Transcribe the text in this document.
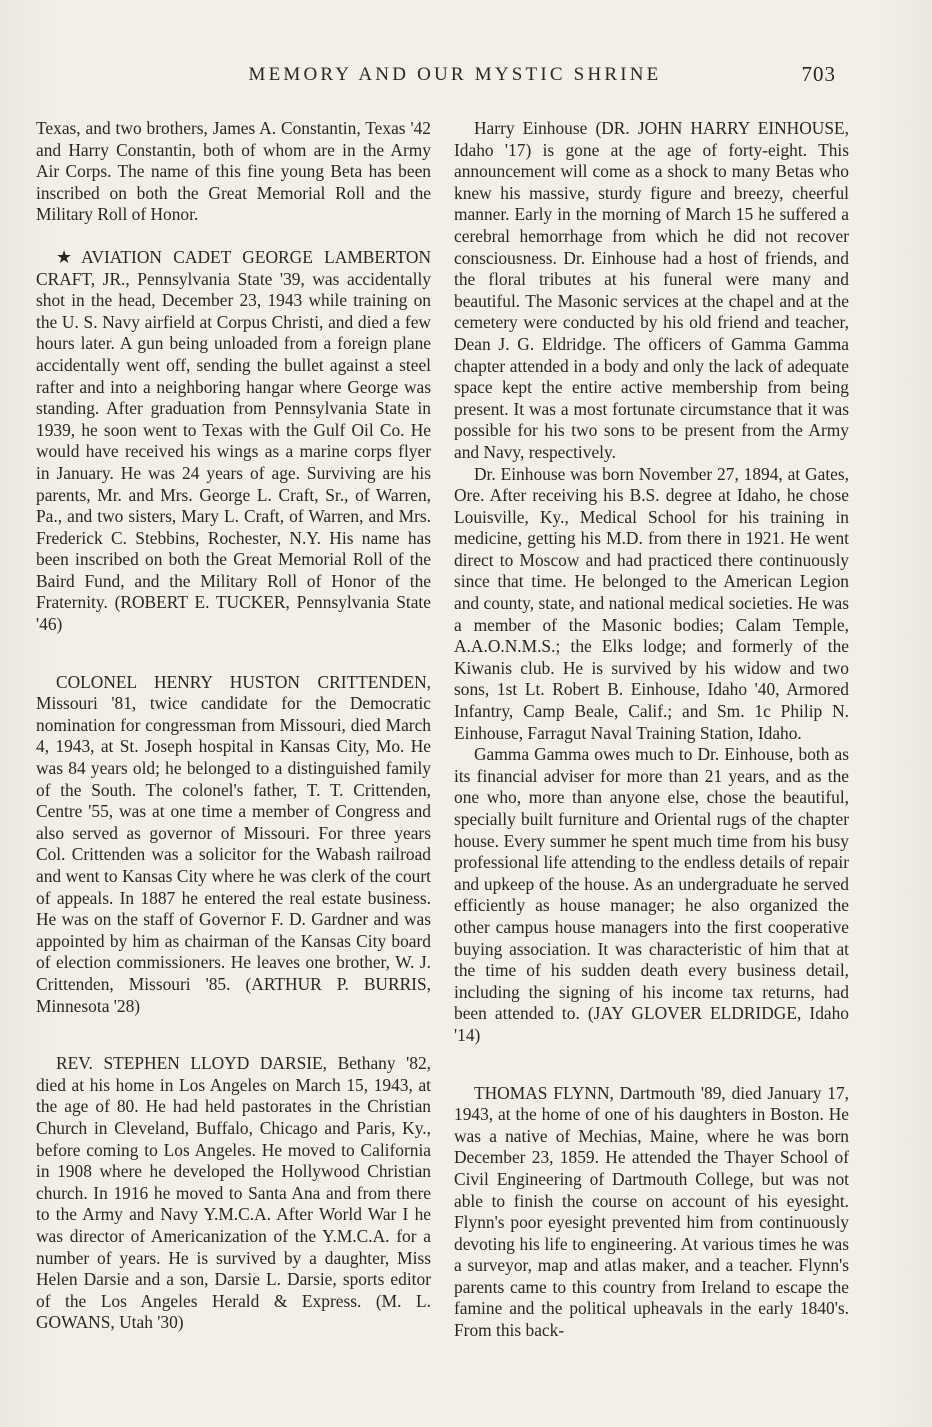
MEMORY AND OUR MYSTIC SHRINE	703

Texas, and two brothers, James A. Constantin, Texas '42 and Harry Constantin, both of whom are in the Army Air Corps. The name of this fine young Beta has been inscribed on both the Great Memorial Roll and the Military Roll of Honor.

★ AVIATION CADET GEORGE LAMBERTON CRAFT, JR., Pennsylvania State '39, was accidentally shot in the head, December 23, 1943 while training on the U. S. Navy airfield at Corpus Christi, and died a few hours later. A gun being unloaded from a foreign plane accidentally went off, sending the bullet against a steel rafter and into a neighboring hangar where George was standing. After graduation from Pennsylvania State in 1939, he soon went to Texas with the Gulf Oil Co. He would have received his wings as a marine corps flyer in January. He was 24 years of age. Surviving are his parents, Mr. and Mrs. George L. Craft, Sr., of Warren, Pa., and two sisters, Mary L. Craft, of Warren, and Mrs. Frederick C. Stebbins, Rochester, N.Y. His name has been inscribed on both the Great Memorial Roll of the Baird Fund, and the Military Roll of Honor of the Fraternity. (ROBERT E. TUCKER, Pennsylvania State '46)

COLONEL HENRY HUSTON CRITTENDEN, Missouri '81, twice candidate for the Democratic nomination for congressman from Missouri, died March 4, 1943, at St. Joseph hospital in Kansas City, Mo. He was 84 years old; he belonged to a distinguished family of the South. The colonel's father, T. T. Crittenden, Centre '55, was at one time a member of Congress and also served as governor of Missouri. For three years Col. Crittenden was a solicitor for the Wabash railroad and went to Kansas City where he was clerk of the court of appeals. In 1887 he entered the real estate business. He was on the staff of Governor F. D. Gardner and was appointed by him as chairman of the Kansas City board of election commissioners. He leaves one brother, W. J. Crittenden, Missouri '85. (ARTHUR P. BURRIS, Minnesota '28)

REV. STEPHEN LLOYD DARSIE, Bethany '82, died at his home in Los Angeles on March 15, 1943, at the age of 80. He had held pastorates in the Christian Church in Cleveland, Buffalo, Chicago and Paris, Ky., before coming to Los Angeles. He moved to California in 1908 where he developed the Hollywood Christian church. In 1916 he moved to Santa Ana and from there to the Army and Navy Y.M.C.A. After World War I he was director of Americanization of the Y.M.C.A. for a number of years. He is survived by a daughter, Miss Helen Darsie and a son, Darsie L. Darsie, sports editor of the Los Angeles Herald & Express. (M. L. GOWANS, Utah '30)

Harry Einhouse (DR. JOHN HARRY EINHOUSE, Idaho '17) is gone at the age of forty-eight. This announcement will come as a shock to many Betas who knew his massive, sturdy figure and breezy, cheerful manner. Early in the morning of March 15 he suffered a cerebral hemorrhage from which he did not recover consciousness. Dr. Einhouse had a host of friends, and the floral tributes at his funeral were many and beautiful. The Masonic services at the chapel and at the cemetery were conducted by his old friend and teacher, Dean J. G. Eldridge. The officers of Gamma Gamma chapter attended in a body and only the lack of adequate space kept the entire active membership from being present. It was a most fortunate circumstance that it was possible for his two sons to be present from the Army and Navy, respectively.

Dr. Einhouse was born November 27, 1894, at Gates, Ore. After receiving his B.S. degree at Idaho, he chose Louisville, Ky., Medical School for his training in medicine, getting his M.D. from there in 1921. He went direct to Moscow and had practiced there continuously since that time. He belonged to the American Legion and county, state, and national medical societies. He was a member of the Masonic bodies; Calam Temple, A.A.O.N.M.S.; the Elks lodge; and formerly of the Kiwanis club. He is survived by his widow and two sons, 1st Lt. Robert B. Einhouse, Idaho '40, Armored Infantry, Camp Beale, Calif.; and Sm. 1c Philip N. Einhouse, Farragut Naval Training Station, Idaho.

Gamma Gamma owes much to Dr. Einhouse, both as its financial adviser for more than 21 years, and as the one who, more than anyone else, chose the beautiful, specially built furniture and Oriental rugs of the chapter house. Every summer he spent much time from his busy professional life attending to the endless details of repair and upkeep of the house. As an undergraduate he served efficiently as house manager; he also organized the other campus house managers into the first cooperative buying association. It was characteristic of him that at the time of his sudden death every business detail, including the signing of his income tax returns, had been attended to. (JAY GLOVER ELDRIDGE, Idaho '14)

THOMAS FLYNN, Dartmouth '89, died January 17, 1943, at the home of one of his daughters in Boston. He was a native of Mechias, Maine, where he was born December 23, 1859. He attended the Thayer School of Civil Engineering of Dartmouth College, but was not able to finish the course on account of his eyesight. Flynn's poor eyesight prevented him from continuously devoting his life to engineering. At various times he was a surveyor, map and atlas maker, and a teacher. Flynn's parents came to this country from Ireland to escape the famine and the political upheavals in the early 1840's. From this back-
